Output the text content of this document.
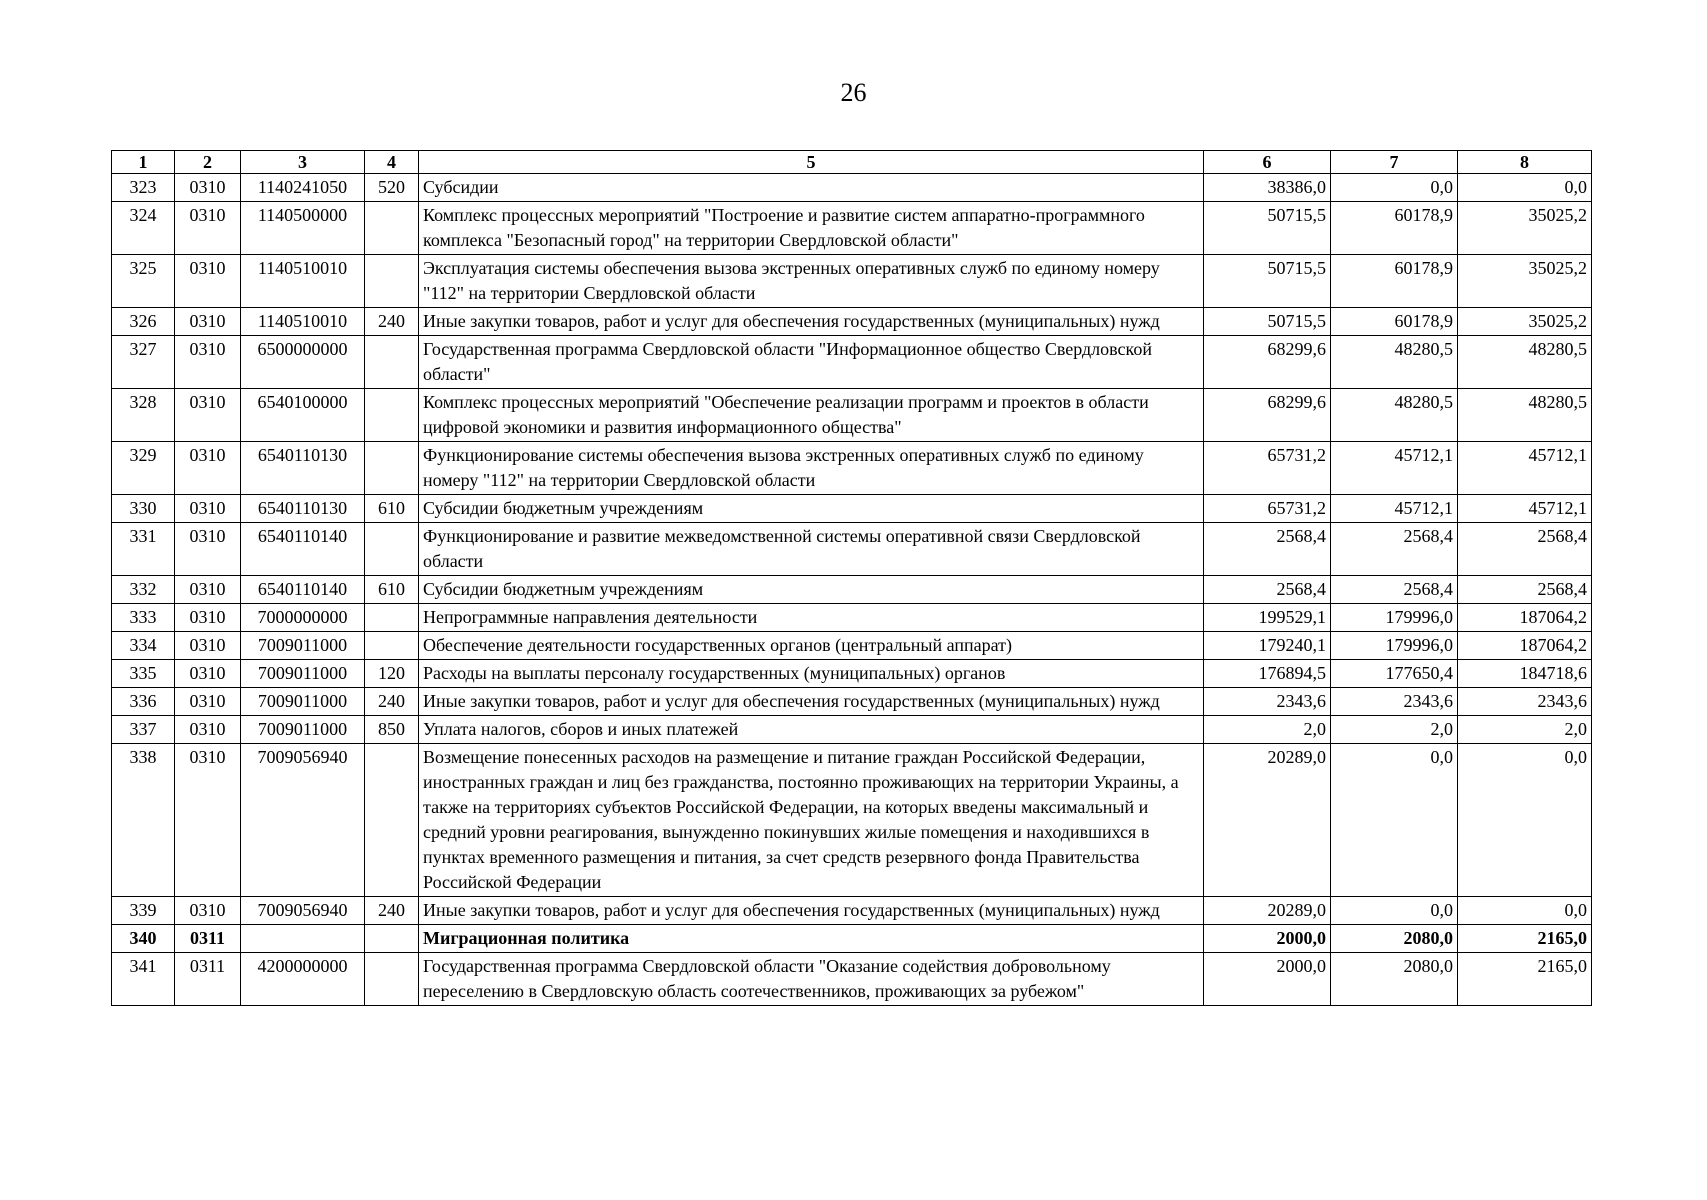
26
1	2	3	4	5	6	7	8
323	0310	1140241050	520	Субсидии	38386,0	0,0	0,0
324	0310	1140500000		Комплекс процессных мероприятий "Построение и развитие систем аппаратно-программного комплекса "Безопасный город" на территории Свердловской области"	50715,5	60178,9	35025,2
325	0310	1140510010		Эксплуатация системы обеспечения вызова экстренных оперативных служб по единому номеру "112" на территории Свердловской области	50715,5	60178,9	35025,2
326	0310	1140510010	240	Иные закупки товаров, работ и услуг для обеспечения государственных (муниципальных) нужд	50715,5	60178,9	35025,2
327	0310	6500000000		Государственная программа Свердловской области "Информационное общество Свердловской области"	68299,6	48280,5	48280,5
328	0310	6540100000		Комплекс процессных мероприятий "Обеспечение реализации программ и проектов в области цифровой экономики и развития информационного общества"	68299,6	48280,5	48280,5
329	0310	6540110130		Функционирование системы обеспечения вызова экстренных оперативных служб по единому номеру "112" на территории Свердловской области	65731,2	45712,1	45712,1
330	0310	6540110130	610	Субсидии бюджетным учреждениям	65731,2	45712,1	45712,1
331	0310	6540110140		Функционирование и развитие межведомственной системы оперативной связи Свердловской области	2568,4	2568,4	2568,4
332	0310	6540110140	610	Субсидии бюджетным учреждениям	2568,4	2568,4	2568,4
333	0310	7000000000		Непрограммные направления деятельности	199529,1	179996,0	187064,2
334	0310	7009011000		Обеспечение деятельности государственных органов (центральный аппарат)	179240,1	179996,0	187064,2
335	0310	7009011000	120	Расходы на выплаты персоналу государственных (муниципальных) органов	176894,5	177650,4	184718,6
336	0310	7009011000	240	Иные закупки товаров, работ и услуг для обеспечения государственных (муниципальных) нужд	2343,6	2343,6	2343,6
337	0310	7009011000	850	Уплата налогов, сборов и иных платежей	2,0	2,0	2,0
338	0310	7009056940		Возмещение понесенных расходов на размещение и питание граждан Российской Федерации, иностранных граждан и лиц без гражданства, постоянно проживающих на территории Украины, а также на территориях субъектов Российской Федерации, на которых введены максимальный и средний уровни реагирования, вынужденно покинувших жилые помещения и находившихся в пунктах временного размещения и питания, за счет средств резервного фонда Правительства Российской Федерации	20289,0	0,0	0,0
339	0310	7009056940	240	Иные закупки товаров, работ и услуг для обеспечения государственных (муниципальных) нужд	20289,0	0,0	0,0
340	0311			Миграционная политика	2000,0	2080,0	2165,0
341	0311	4200000000		Государственная программа Свердловской области "Оказание содействия добровольному переселению в Свердловскую область соотечественников, проживающих за рубежом"	2000,0	2080,0	2165,0
